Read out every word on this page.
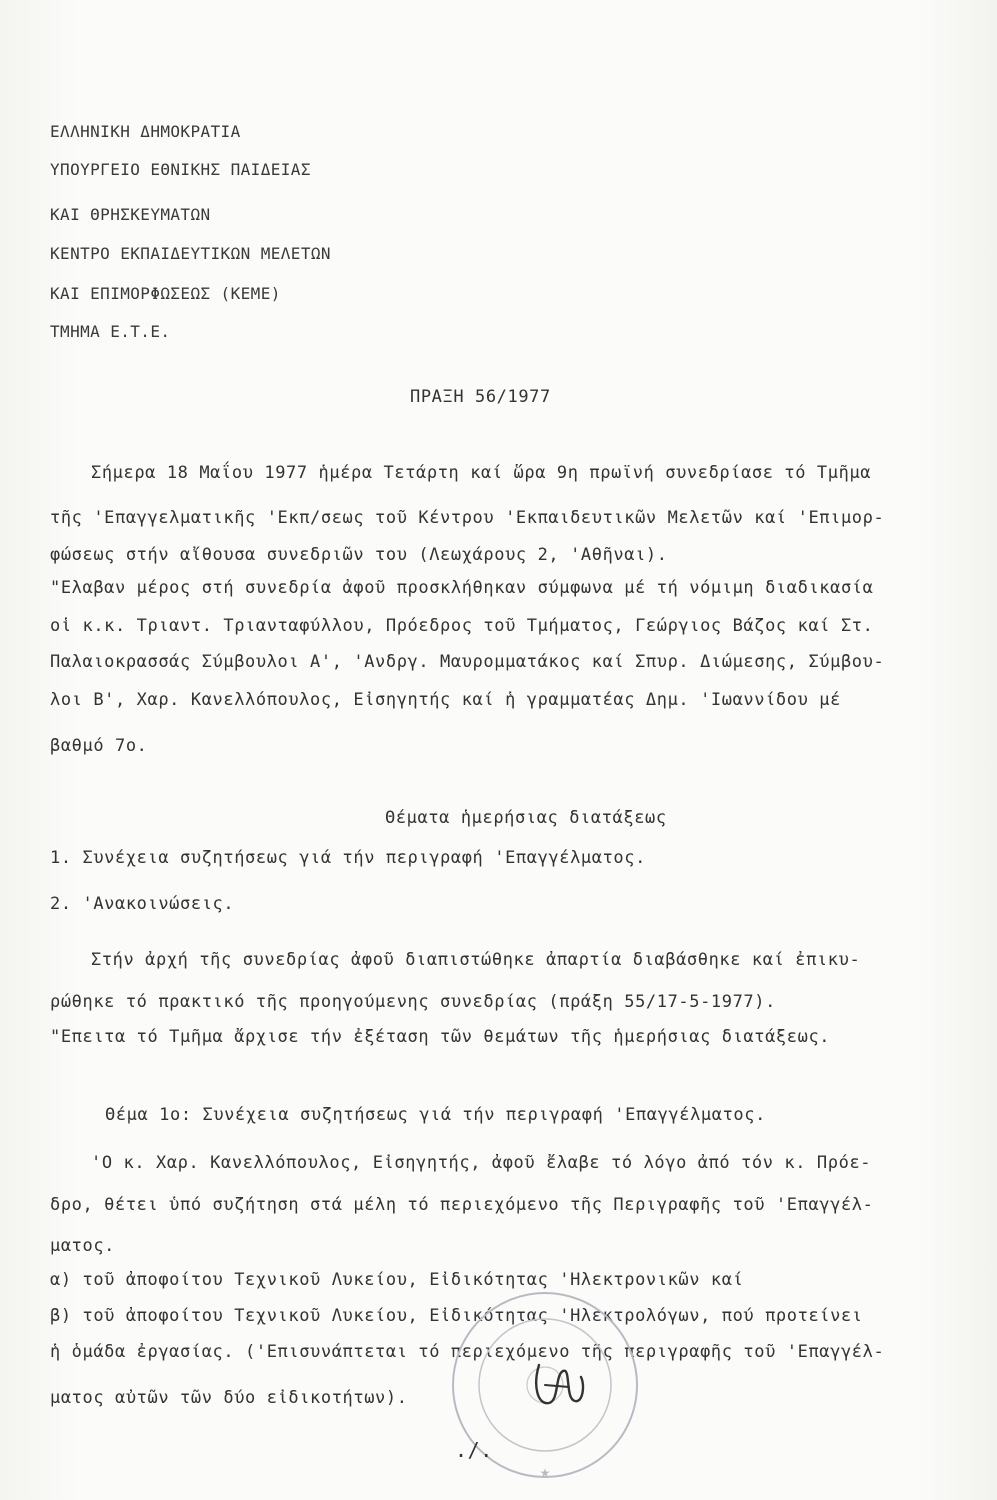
ΕΛΛΗΝΙΚΗ ΔΗΜΟΚΡΑΤΙΑ
ΥΠΟΥΡΓΕΙΟ ΕΘΝΙΚΗΣ ΠΑΙΔΕΙΑΣ
ΚΑΙ ΘΡΗΣΚΕΥΜΑΤΩΝ
ΚΕΝΤΡΟ ΕΚΠΑΙΔΕΥΤΙΚΩΝ ΜΕΛΕΤΩΝ
ΚΑΙ ΕΠΙΜΟΡΦΩΣΕΩΣ (ΚΕΜΕ)
ΤΜΗΜΑ Ε.Τ.Ε.
ΠΡΑΞΗ 56/1977
Σήμερα 18 Μαΐου 1977 ἡμέρα Τετάρτη καί ὥρα 9η πρωϊνή συνεδρίασε τό Τμῆμα
τῆς 'Επαγγελματικῆς 'Εκπ/σεως τοῦ Κέντρου 'Εκπαιδευτικῶν Μελετῶν καί 'Επιμορ-
φώσεως στήν αἴθουσα συνεδριῶν του (Λεωχάρους 2, 'Αθῆναι).
"Ελαβαν μέρος στή συνεδρία ἀφοῦ προσκλήθηκαν σύμφωνα μέ τή νόμιμη διαδικασία
οἱ κ.κ. Τριαντ. Τριανταφύλλου, Πρόεδρος τοῦ Τμήματος, Γεώργιος Βάζος καί Στ.
Παλαιοκρασσάς Σύμβουλοι Α', 'Ανδργ. Μαυρομματάκος καί Σπυρ. Διώμεσης, Σύμβου-
λοι Β', Χαρ. Κανελλόπουλος, Εἰσηγητής καί ἡ γραμματέας Δημ. 'Ιωαννίδου μέ
βαθμό 7ο.
Θέματα ἡμερήσιας διατάξεως
1. Συνέχεια συζητήσεως γιά τήν περιγραφή 'Επαγγέλματος.
2. 'Ανακοινώσεις.
Στήν ἀρχή τῆς συνεδρίας ἀφοῦ διαπιστώθηκε ἀπαρτία διαβάσθηκε καί ἐπικυ-
ρώθηκε τό πρακτικό τῆς προηγούμενης συνεδρίας (πράξη 55/17-5-1977).
"Επειτα τό Τμῆμα ἄρχισε τήν ἐξέταση τῶν θεμάτων τῆς ἡμερήσιας διατάξεως.
Θέμα 1ο: Συνέχεια συζητήσεως γιά τήν περιγραφή 'Επαγγέλματος.
'Ο κ. Χαρ. Κανελλόπουλος, Εἰσηγητής, ἀφοῦ ἔλαβε τό λόγο ἀπό τόν κ. Πρόε-
δρο, θέτει ὑπό συζήτηση στά μέλη τό περιεχόμενο τῆς Περιγραφῆς τοῦ 'Επαγγέλ-
ματος.
α) τοῦ ἀποφοίτου Τεχνικοῦ Λυκείου, Εἰδικότητας 'Ηλεκτρονικῶν καί
β) τοῦ ἀποφοίτου Τεχνικοῦ Λυκείου, Εἰδικότητας 'Ηλεκτρολόγων, πού προτείνει
ἡ ὁμάδα ἐργασίας. ('Επισυνάπτεται τό περιεχόμενο τῆς περιγραφῆς τοῦ 'Επαγγέλ-
ματος αὐτῶν τῶν δύο εἰδικοτήτων).
★
./.
